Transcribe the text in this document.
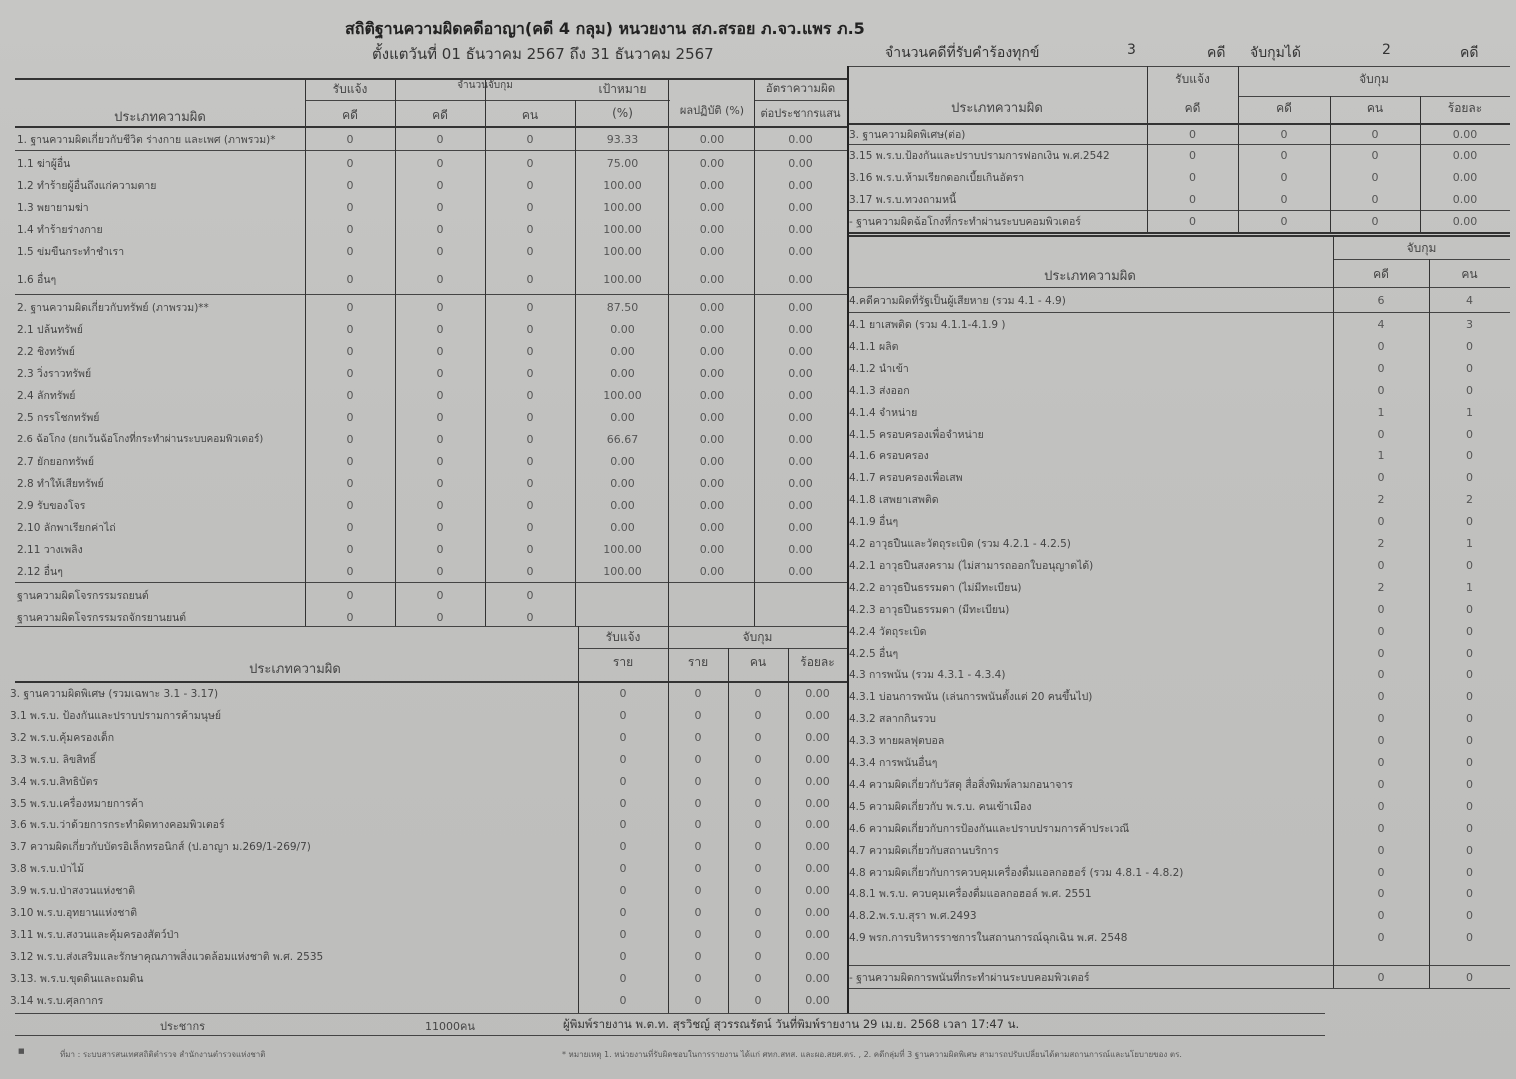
สถิติฐานความผิดคดีอาญา(คดี 4 กลุม) หนวยงาน สภ.สรอย ภ.จว.แพร ภ.5
ตั้งแตวันที่ 01 ธันวาคม 2567 ถึง 31 ธันวาคม 2567	จํานวนคดีที่รับคําร้องทุกข์	3	คดี จับกุมได้	2	คดี
ประเภทความผิด
รับแจ้ง	จํานวนจับกุม	เป้าหมาย
ผลปฏิบัติ (%)
อัตราความผิด
ต่อประชากรแสน
คดี	คดี	คน	(%)
1. ฐานความผิดเกี่ยวกับชีวิต ร่างกาย และเพศ (ภาพรวม)*	0	0	0	93.33	0.00	0.00
1.1 ฆ่าผู้อื่น	0	0	0	75.00	0.00	0.00
1.2 ทําร้ายผู้อื่นถึงแก่ความตาย	0	0	0	100.00	0.00	0.00
1.3 พยายามฆ่า	0	0	0	100.00	0.00	0.00
1.4 ทําร้ายร่างกาย	0	0	0	100.00	0.00	0.00
1.5 ข่มขืนกระทําชําเรา	0	0	0	100.00	0.00	0.00
1.6 อื่นๆ	0	0	0	100.00	0.00	0.00
2. ฐานความผิดเกี่ยวกับทรัพย์ (ภาพรวม)**	0	0	0	87.50	0.00	0.00
2.1 ปล้นทรัพย์	0	0	0	0.00	0.00	0.00
2.2 ชิงทรัพย์	0	0	0	0.00	0.00	0.00
2.3 วิ่งราวทรัพย์	0	0	0	0.00	0.00	0.00
2.4 ลักทรัพย์	0	0	0	100.00	0.00	0.00
2.5 กรรโชกทรัพย์	0	0	0	0.00	0.00	0.00
2.6 ฉ้อโกง (ยกเว้นฉ้อโกงที่กระทําผ่านระบบคอมพิวเตอร์)	0	0	0	66.67	0.00	0.00
2.7 ยักยอกทรัพย์	0	0	0	0.00	0.00	0.00
2.8 ทําให้เสียทรัพย์	0	0	0	0.00	0.00	0.00
2.9 รับของโจร	0	0	0	0.00	0.00	0.00
2.10 ลักพาเรียกค่าไถ่	0	0	0	0.00	0.00	0.00
2.11 วางเพลิง	0	0	0	100.00	0.00	0.00
2.12 อื่นๆ	0	0	0	100.00	0.00	0.00
ฐานความผิดโจรกรรมรถยนต์	0	0	0
ฐานความผิดโจรกรรมรถจักรยานยนต์	0	0	0
ประเภทความผิด
รับแจ้ง	จับกุม
ราย	ราย	คน	ร้อยละ
3. ฐานความผิดพิเศษ (รวมเฉพาะ 3.1 - 3.17)	0	0	0	0.00
3.1 พ.ร.บ. ป้องกันและปราบปรามการค้ามนุษย์	0	0	0	0.00
3.2 พ.ร.บ.คุ้มครองเด็ก	0	0	0	0.00
3.3 พ.ร.บ. ลิขสิทธิ์	0	0	0	0.00
3.4 พ.ร.บ.สิทธิบัตร	0	0	0	0.00
3.5 พ.ร.บ.เครื่องหมายการค้า	0	0	0	0.00
3.6 พ.ร.บ.ว่าด้วยการกระทําผิดทางคอมพิวเตอร์	0	0	0	0.00
3.7 ความผิดเกี่ยวกับบัตรอิเล็กทรอนิกส์ (ป.อาญา ม.269/1-269/7)	0	0	0	0.00
3.8 พ.ร.บ.ป่าไม้	0	0	0	0.00
3.9 พ.ร.บ.ป่าสงวนแห่งชาติ	0	0	0	0.00
3.10 พ.ร.บ.อุทยานแห่งชาติ	0	0	0	0.00
3.11 พ.ร.บ.สงวนและคุ้มครองสัตว์ป่า	0	0	0	0.00
3.12 พ.ร.บ.ส่งเสริมและรักษาคุณภาพสิ่งแวดล้อมแห่งชาติ พ.ศ. 2535	0	0	0	0.00
3.13. พ.ร.บ.ขุดดินและถมดิน	0	0	0	0.00
3.14 พ.ร.บ.ศุลกากร	0	0	0	0.00
ประเภทความผิด
รับแจ้ง	จับกุม
คดี	คดี	คน	ร้อยละ
3. ฐานความผิดพิเศษ(ต่อ)	0	0	0	0.00
3.15 พ.ร.บ.ป้องกันและปราบปรามการฟอกเงิน พ.ศ.2542	0	0	0	0.00
3.16 พ.ร.บ.ห้ามเรียกดอกเบี้ยเกินอัตรา	0	0	0	0.00
3.17 พ.ร.บ.ทวงถามหนี้	0	0	0	0.00
- ฐานความผิดฉ้อโกงที่กระทําผ่านระบบคอมพิวเตอร์	0	0	0	0.00
ประเภทความผิด
จับกุม
คดี	คน
4.คดีความผิดที่รัฐเป็นผู้เสียหาย (รวม 4.1 - 4.9)	6	4
4.1 ยาเสพติด (รวม 4.1.1-4.1.9 )	4	3
4.1.1 ผลิต	0	0
4.1.2 นําเข้า	0	0
4.1.3 ส่งออก	0	0
4.1.4 จําหน่าย	1	1
4.1.5 ครอบครองเพื่อจําหน่าย	0	0
4.1.6 ครอบครอง	1	0
4.1.7 ครอบครองเพื่อเสพ	0	0
4.1.8 เสพยาเสพติด	2	2
4.1.9 อื่นๆ	0	0
4.2 อาวุธปืนและวัตถุระเบิด (รวม 4.2.1 - 4.2.5)	2	1
4.2.1 อาวุธปืนสงคราม (ไม่สามารถออกใบอนุญาตได้)	0	0
4.2.2 อาวุธปืนธรรมดา (ไม่มีทะเบียน)	2	1
4.2.3 อาวุธปืนธรรมดา (มีทะเบียน)	0	0
4.2.4 วัตถุระเบิด	0	0
4.2.5 อื่นๆ	0	0
4.3 การพนัน (รวม 4.3.1 - 4.3.4)	0	0
4.3.1 บ่อนการพนัน (เล่นการพนันตั้งแต่ 20 คนขึ้นไป)	0	0
4.3.2 สลากกินรวบ	0	0
4.3.3 ทายผลฟุตบอล	0	0
4.3.4 การพนันอื่นๆ	0	0
4.4 ความผิดเกี่ยวกับวัสดุ สื่อสิ่งพิมพ์ลามกอนาจาร	0	0
4.5 ความผิดเกี่ยวกับ พ.ร.บ. คนเข้าเมือง	0	0
4.6 ความผิดเกี่ยวกับการป้องกันและปราบปรามการค้าประเวณี	0	0
4.7 ความผิดเกี่ยวกับสถานบริการ	0	0
4.8 ความผิดเกี่ยวกับการควบคุมเครื่องดื่มแอลกอฮอร์ (รวม 4.8.1 - 4.8.2)	0	0
4.8.1 พ.ร.บ. ควบคุมเครื่องดื่มแอลกอฮอล์ พ.ศ. 2551	0	0
4.8.2.พ.ร.บ.สุรา พ.ศ.2493	0	0
4.9 พรก.การบริหารราชการในสถานการณ์ฉุกเฉิน พ.ศ. 2548	0	0
- ฐานความผิดการพนันที่กระทําผ่านระบบคอมพิวเตอร์	0	0
ประชากร	11000คน	ผู้พิมพ์รายงาน พ.ต.ท. สุรวิชญ์ สุวรรณรัตน์ วันที่พิมพ์รายงาน 29 เม.ย. 2568 เวลา 17:47 น.
■	ที่มา : ระบบสารสนเทศสถิติตํารวจ สํานักงานตํารวจแห่งชาติ	* หมายเหตุ 1. หน่วยงานที่รับผิดชอบในการรายงาน ได้แก่ ศทก.สทส. และผอ.สยศ.ตร. , 2. คดีกลุ่มที่ 3 ฐานความผิดพิเศษ สามารถปรับเปลี่ยนได้ตามสถานการณ์และนโยบายของ ตร.
